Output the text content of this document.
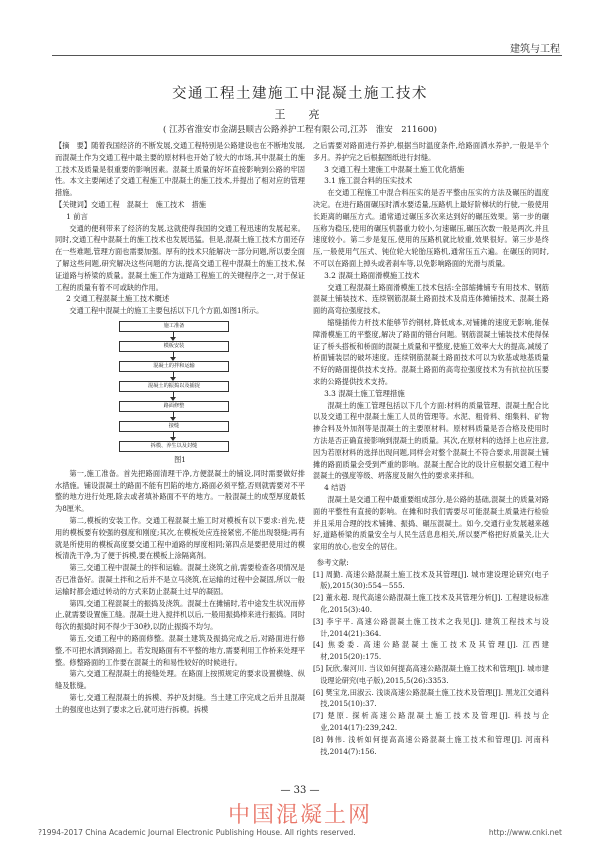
建筑与工程
交通工程土建施工中混凝土施工技术
王　亮
( 江苏省淮安市金湖县顺吉公路养护工程有限公司,江苏　淮安　211600)

【摘　要】随着我国经济的不断发展,交通工程特别是公路建设也在不断地发展,而混凝土作为交通工程中最主要的原材料也开始了较大的市场,其中混凝土的施工技术及质量是很重要的影响因素。混凝土质量的好坏直接影响到公路的牢固性。本文主要阐述了交通工程施工中混凝土的施工技术,并提出了相对应的管理措施。

【关键词】交通工程　混凝土　施工技术　措施

1 前言

交通的便利带来了经济的发展,这就使得我国的交通工程迅速的发展起来。同时,交通工程中混凝土的施工技术也发展迅猛。但是,混凝土施工技术方面还存在一些难题,管理方面也需要加强。厚有的技术只能解决一部分问题,所以要全面了解这些问题,研究解决这些问题的方法,提高交通工程中混凝土的施工技术,保证道路与桥梁的质量。混凝土施工作为道路工程施工的关键程序之一,对于保证工程的质量有着不可或缺的作用。

2 交通工程混凝土施工技术概述

交通工程中混凝土的施工主要包括以下几个方面,如图1所示。

施工准备
模板安装
混凝土的拌和运输
混凝土的振捣以及捕捉
路面修整
接缝
拆模、养生以及封缝
图1

第一,施工准备。首先把路面清理干净,方便混凝土的铺设,同时需要做好排水措施。铺设混凝土的路面不能有凹陷的地方,路面必须平整,否则就需要对不平整的地方进行处理,除去或者填补路面不平的地方。一般混凝土的成型厚度最低为8厘米。

第二,模板的安装工作。交通工程混凝土施工时对模板有以下要求:首先,使用的模板要有较强的强度和刚度;其次,在模板处应连接紧密,不能出现裂缝;再有就是所使用的模板高度要交通工程中道路的厚度相同;第四点是要把使用过的模板清洗干净,为了便于拆模,要在模板上涂隔离剂。

第三,交通工程中混凝土的拌和运输。混凝土浇筑之前,需要检查各项情况是否已准备好。混凝土拌和之后并不是立马浇筑,在运输的过程中会凝固,所以一般运输时都会通过转动的方式来防止混凝土过早的凝固。

第四,交通工程混凝土的振捣及浇筑。混凝土在摊铺时,若中途发生状况而停止,就需要设置施工缝。混凝土进入搅拌机以后,一般用振捣棒来进行振捣。同时每次的振捣时间不得少于30秒,以防止振捣不均匀。

第五,交通工程中的路面修整。混凝土建筑及振捣完成之后,对路面进行修整,不可把水洒到路面上。若发现路面有不平整的地方,需要利用工作桥来处理平整。修整路面的工作要在混凝土的和易性较好的时候进行。

第六,交通工程混凝土的接缝处理。在路面上按照规定的要求设置横缝、纵缝及胀缝。

第七,交通工程混凝土的拆模、养护及封缝。当土建工序完成之后并且混凝土的强度也达到了要求之后,就可进行拆模。拆模

之后需要对路面进行养护,根据当时温度条件,给路面洒水养护,一般是半个多月。养护完之后根据图纸进行封缝。

3 交通工程土建施工中混凝土施工优化措施
3.1 施工混合料的压实技术

在交通工程施工中混合料压实的是否平整由压实的方法及碾压的温度决定。在进行路面碾压时洒水要适量,压路机上最好阶梯状的行驶,一般使用长距离的碾压方式。通常通过碾压多次来达到好的碾压效果。第一步的碾压称为稳压,使用的碾压机器重力较小,匀速碾压,碾压次数一般是两次,并且速度较小。第二步是复压,使用的压路机就比较重,效果很好。第三步是终压,一般使用气压式、钝位轮大轮胎压路机,通常压五六遍。在碾压的同时,不可以在路面上掉头或者刹车等,以免影响路面的光滑与质量。

3.2 混凝土路面滑模施工技术

交通工程混凝土路面滑模施工技术包括:全部缩摊铺专有用技术、钢筋混凝土铺装技术、连续钢筋混凝土路面技术及肩连体摊铺技术、混凝土路面的高弯拉强度技术。

缩缝插传力杆技术能够节约钢材,降低成本,对铺摊的速度无影响,能保障滑模施工的平整度,解决了路面的错台问题。钢筋混凝土铺装技术使得保证了桥头搭板和桥面的混凝土质量和平整度,使施工效率大大的提高,减缓了桥面铺装层的破坏速度。连续钢筋混凝土路面技术可以为软基或地基质量不好的路面提供技术支持。混凝土路面的高弯拉强度技术为有抗拉抗压要求的公路提供技术支持。

3.3 混凝土施工管理措施

混凝土的施工管理包括以下几个方面:材料的质量管理、混凝土配合比以及交通工程中混凝土施工人员的管理等。水泥、粗骨料、细集料、矿物掺合料及外加剂等是混凝土的主要原材料。原材料质量是否合格及使用时方法是否正确直接影响到混凝土的质量。其次,在原材料的选择上也应注意,因为若原材料的选择出现问题,同样会对整个混凝土不符合要求,用混凝土铺摊的路面质量会受到严重的影响。混凝土配合比的设计应根据交通工程中混凝土的强度等级、坍落度及耐久性的要求来拌和。

4 结语

混凝土是交通工程中最重要组成部分,是公路的基础,混凝土的质量对路面的平整性有直接的影响。在摊和时我们需要尽可能混凝土质量进行检验并且采用合理的技术铺摊、振捣、碾压混凝土。如今,交通行业发展越来越好,道路桥梁的质量安全与人民生活息息相关,所以要严格把好质量关,让大家用的放心,也安全的居住。

参考文献:
[1] 周勤. 高速公路混凝土施工技术及其管理[J]. 城市建设理论研究(电子版),2015(30):554－555.
[2] 董永超. 现代高速公路混凝土施工技术及其管理分析[J]. 工程建设标准化,2015(3):40.
[3] 李宇平. 高速公路混凝土施工技术之我见[J]. 建筑工程技术与设计,2014(21):364.
[4] 焦委委. 高速公路混凝土施工技术及其管理[J]. 江西建材,2015(20):175.
[5] 阮欣,秦河川. 当议如何提高高速公路混凝土施工技术和管理[J]. 城市建设理论研究(电子版),2015,5(26):3353.
[6] 樊宝龙,田淑云. 浅谈高速公路混凝土施工技术及管理[J]. 黑龙江交通科技,2015(10):37.
[7] 楚原. 探析高速公路混凝土施工技术及管理[J]. 科技与企业,2014(17):239,242.
[8] 韩伟. 浅析如何提高高速公路混凝土施工技术和管理[J]. 河南科技,2014(7):156.
— 33 —
中国混凝土网
?1994-2017 China Academic Journal Electronic Publishing House. All rights reserved.	http://www.cnki.net
